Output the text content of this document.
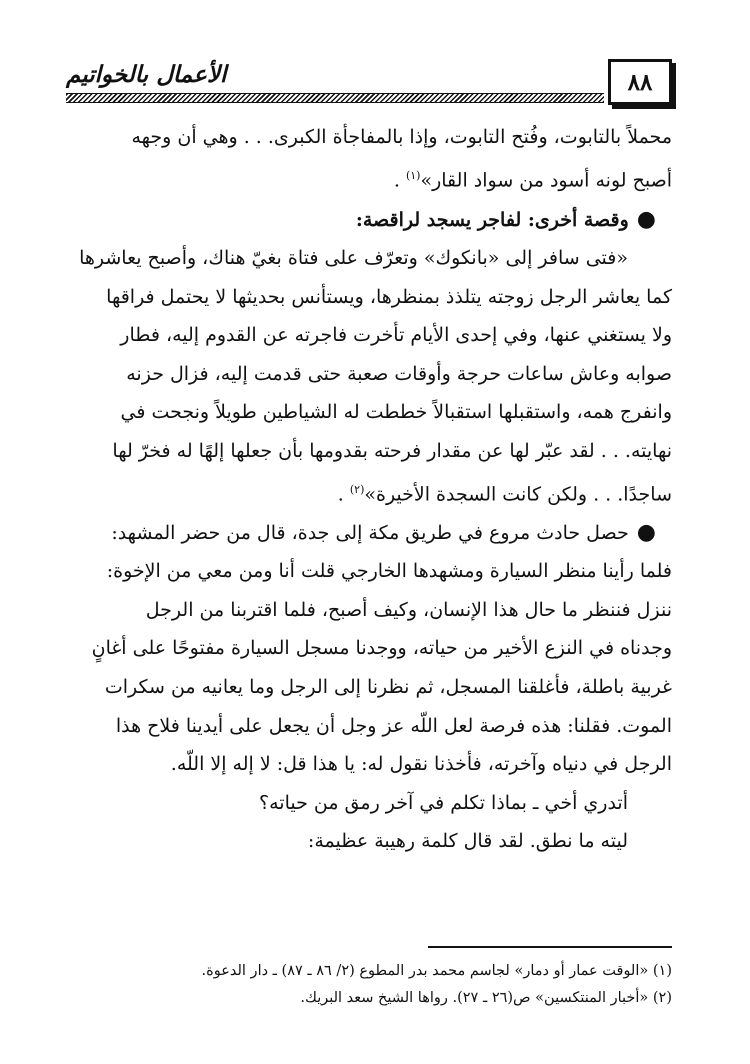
٨٨
الأعمال بالخواتيم

محملاً بالتابوت، وفُتح التابوت، وإذا بالمفاجأة الكبرى. . . وهي أن وجهه

أصبح لونه أسود من سواد القار»$^{(١)}$ .

●وقصة أخرى: لفاجر يسجد لراقصة:

«فتى سافر إلى «بانكوك» وتعرّف على فتاة بغيّ هناك، وأصبح يعاشرها

كما يعاشر الرجل زوجته يتلذذ بمنظرها، ويستأنس بحديثها لا يحتمل فراقها

ولا يستغني عنها، وفي إحدى الأيام تأخرت فاجرته عن القدوم إليه، فطار

صوابه وعاش ساعات حرجة وأوقات صعبة حتى قدمت إليه، فزال حزنه

وانفرج همه، واستقبلها استقبالاً خططت له الشياطين طويلاً ونجحت في

نهايته. . . لقد عبّر لها عن مقدار فرحته بقدومها بأن جعلها إلهًا له فخرّ لها

ساجدًا. . . ولكن كانت السجدة الأخيرة»$^{(٢)}$ .

●حصل حادث مروع في طريق مكة إلى جدة، قال من حضر المشهد:

فلما رأينا منظر السيارة ومشهدها الخارجي قلت أنا ومن معي من الإخوة:

ننزل فننظر ما حال هذا الإنسان، وكيف أصبح، فلما اقتربنا من الرجل

وجدناه في النزع الأخير من حياته، ووجدنا مسجل السيارة مفتوحًا على أغانٍ

غربية باطلة، فأغلقنا المسجل، ثم نظرنا إلى الرجل وما يعانيه من سكرات

الموت. فقلنا: هذه فرصة لعل اللّه عز وجل أن يجعل على أيدينا فلاح هذا

الرجل في دنياه وآخرته، فأخذنا نقول له: يا هذا قل: لا إله إلا اللّه.

أتدري أخي ـ بماذا تكلم في آخر رمق من حياته؟

ليته ما نطق. لقد قال كلمة رهيبة عظيمة:

(١) «الوقت عمار أو دمار» لجاسم محمد بدر المطوع (٢/ ٨٦ ـ ٨٧) ـ دار الدعوة.

(٢) «أخبار المنتكسين» ص(٢٦ ـ ٢٧). رواها الشيخ سعد البريك.
